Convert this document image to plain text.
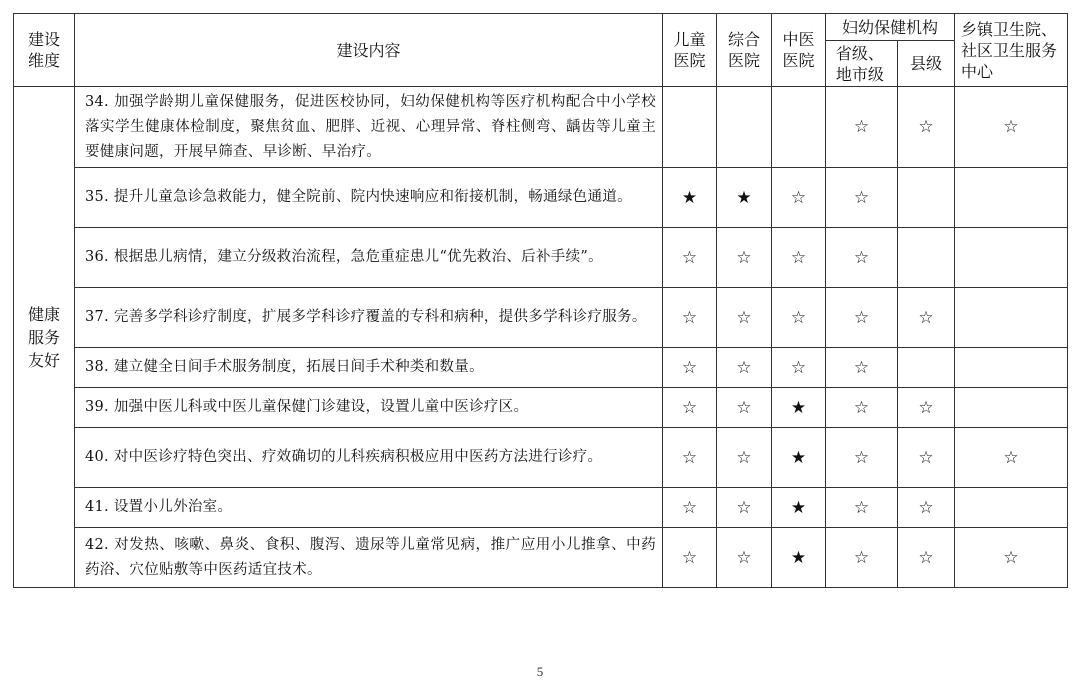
建设维度	建设内容	儿童医院	综合医院	中医医院	妇幼保健机构		乡镇卫生院、社区卫生服务中心

					省级、地市级	县级	

健康服务友好	34. 加强学龄期儿童保健服务，促进医校协同，妇幼保健机构等医疗机构配合中小学校落实学生健康体检制度，聚焦贫血、肥胖、近视、心理异常、脊柱侧弯、龋齿等儿童主要健康问题，开展早筛查、早诊断、早治疗。				☆	☆	☆
	35. 提升儿童急诊急救能力，健全院前、院内快速响应和衔接机制，畅通绿色通道。	★	★	☆	☆		
	36. 根据患儿病情，建立分级救治流程，急危重症患儿“优先救治、后补手续”。	☆	☆	☆	☆		
	37. 完善多学科诊疗制度，扩展多学科诊疗覆盖的专科和病种，提供多学科诊疗服务。	☆	☆	☆	☆	☆	
	38. 建立健全日间手术服务制度，拓展日间手术种类和数量。	☆	☆	☆	☆		
	39. 加强中医儿科或中医儿童保健门诊建设，设置儿童中医诊疗区。	☆	☆	★	☆	☆	
	40. 对中医诊疗特色突出、疗效确切的儿科疾病积极应用中医药方法进行诊疗。	☆	☆	★	☆	☆	☆
	41. 设置小儿外治室。	☆	☆	★	☆	☆	
	42. 对发热、咳嗽、鼻炎、食积、腹泻、遗尿等儿童常见病，推广应用小儿推拿、中药药浴、穴位贴敷等中医药适宜技术。	☆	☆	★	☆	☆	☆
5
